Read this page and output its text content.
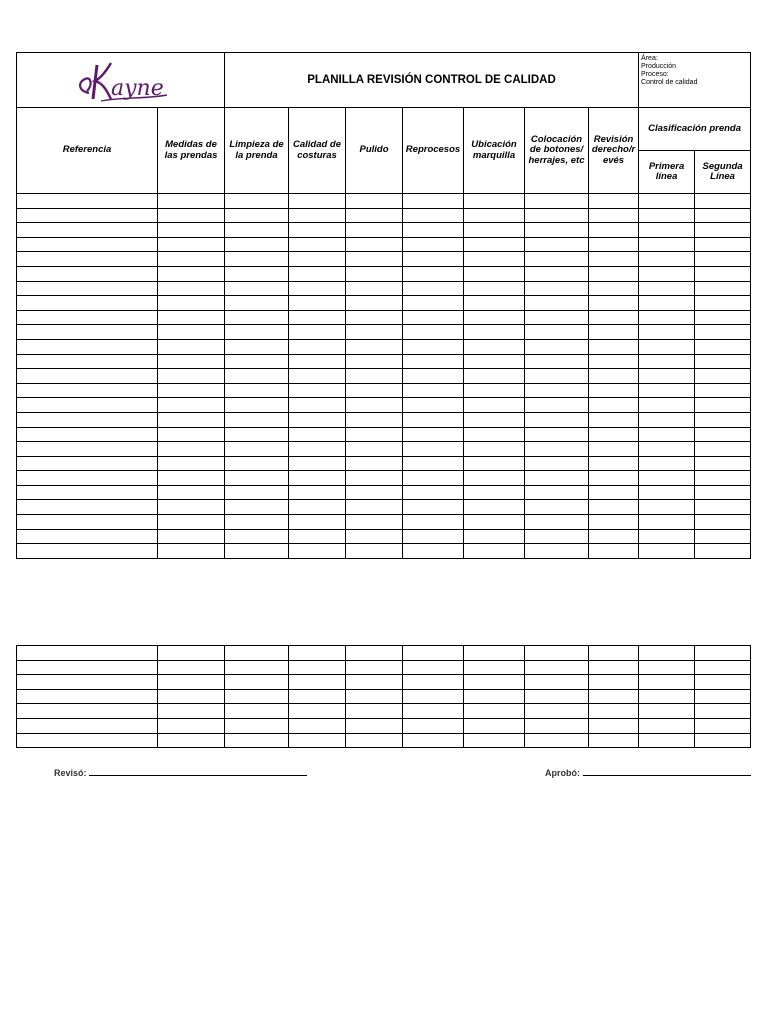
ayne		PLANILLA REVISIÓN CONTROL DE CALIDAD							Área:
Producción
Proceso:
Control de calidad	

Referencia	Medidas de las prendas	Limpieza de la prenda	Calidad de costuras	Pulido	Reprocesos	Ubicación marquilla	Colocación de botones/ herrajes, etc	Revisión derecho/r evés	Clasificación prenda	
									Primera línea	Segunda Línea

Revisó:	Aprobó:
